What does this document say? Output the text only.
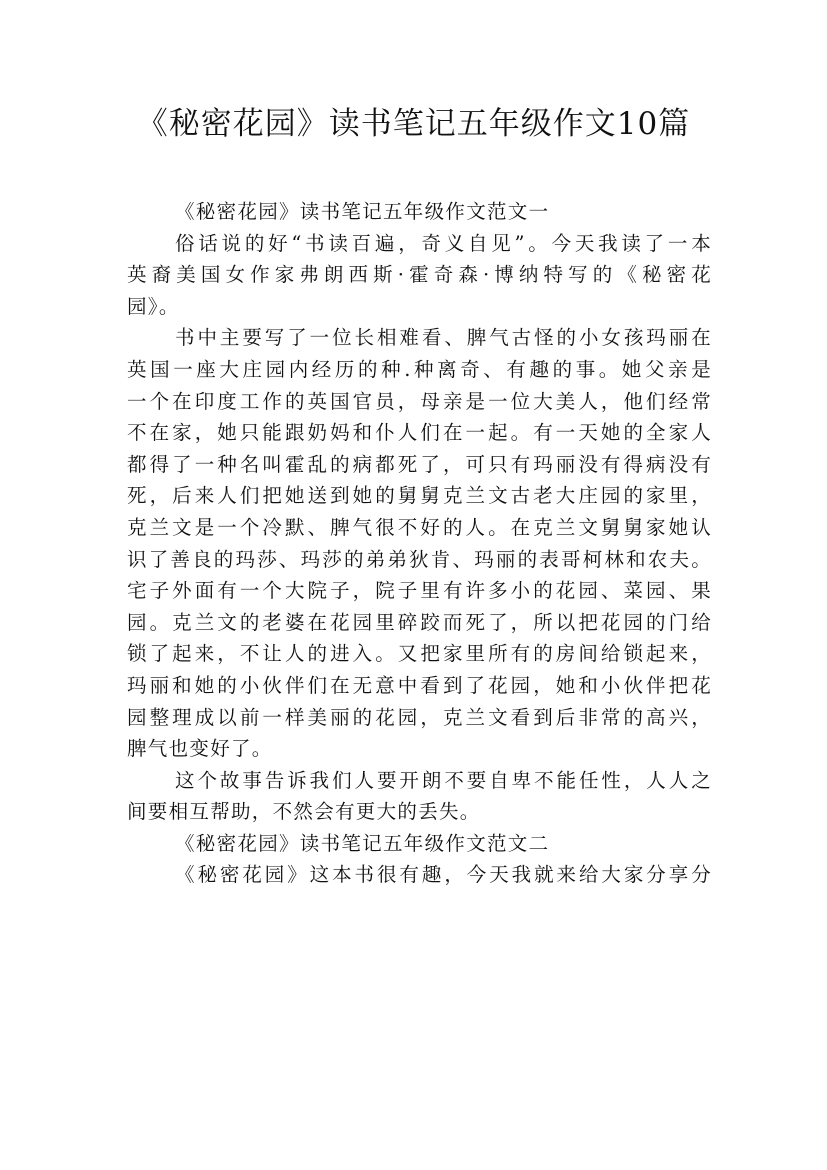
《秘密花园》读书笔记五年级作文10篇

《秘密花园》读书笔记五年级作文范文一

俗话说的好“书读百遍，奇义自见”。今天我读了一本

英裔美国女作家弗朗西斯·霍奇森·博纳特写的《秘密花

园》。

书中主要写了一位长相难看、脾气古怪的小女孩玛丽在

英国一座大庄园内经历的种.种离奇、有趣的事。她父亲是

一个在印度工作的英国官员，母亲是一位大美人，他们经常

不在家，她只能跟奶妈和仆人们在一起。有一天她的全家人

都得了一种名叫霍乱的病都死了，可只有玛丽没有得病没有

死，后来人们把她送到她的舅舅克兰文古老大庄园的家里，

克兰文是一个冷默、脾气很不好的人。在克兰文舅舅家她认

识了善良的玛莎、玛莎的弟弟狄肯、玛丽的表哥柯林和农夫。

宅子外面有一个大院子，院子里有许多小的花园、菜园、果

园。克兰文的老婆在花园里碎跤而死了，所以把花园的门给

锁了起来，不让人的进入。又把家里所有的房间给锁起来，

玛丽和她的小伙伴们在无意中看到了花园，她和小伙伴把花

园整理成以前一样美丽的花园，克兰文看到后非常的高兴，

脾气也变好了。

这个故事告诉我们人要开朗不要自卑不能任性，人人之

间要相互帮助，不然会有更大的丢失。

《秘密花园》读书笔记五年级作文范文二

《秘密花园》这本书很有趣，今天我就来给大家分享分
